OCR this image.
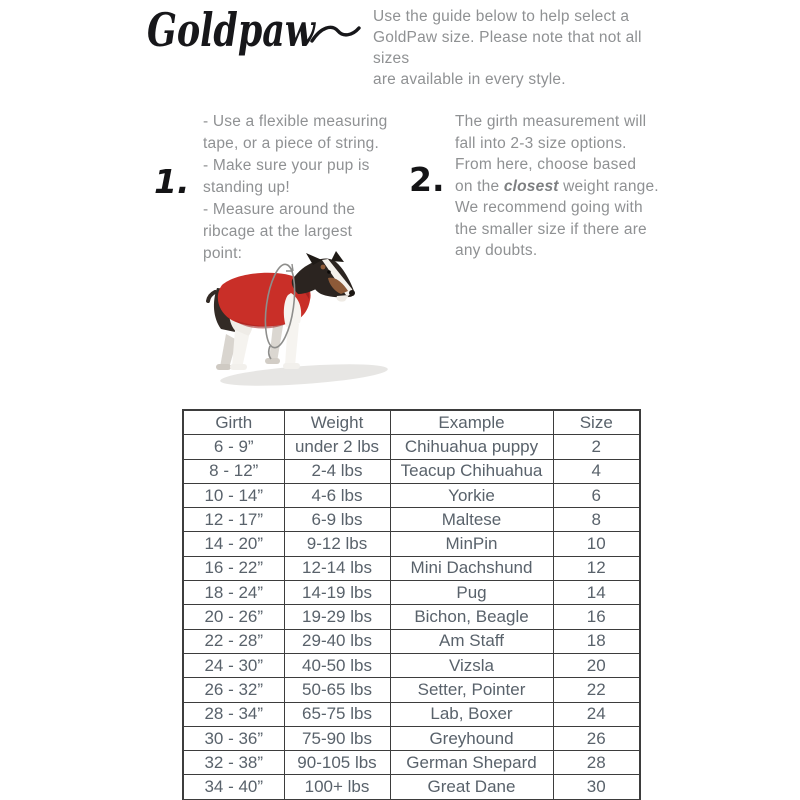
Goldpaw	Use the guide below to help select a
GoldPaw size. Please note that not all sizes
are available in every style.
1.
- Use a flexible measuring
tape, or a piece of string.
- Make sure your pup is
standing up!
- Measure around the
ribcage at the largest
point:
2.
The girth measurement will
fall into 2-3 size options.
From here, choose based
on the closest weight range.
We recommend going with
the smaller size if there are
any doubts.
Girth	Weight	Example	Size
6 - 9”	under 2 lbs	Chihuahua puppy	2
8 - 12”	2-4 lbs	Teacup Chihuahua	4
10 - 14”	4-6 lbs	Yorkie	6
12 - 17”	6-9 lbs	Maltese	8
14 - 20”	9-12 lbs	MinPin	10
16 - 22”	12-14 lbs	Mini Dachshund	12
18 - 24”	14-19 lbs	Pug	14
20 - 26”	19-29 lbs	Bichon, Beagle	16
22 - 28”	29-40 lbs	Am Staff	18
24 - 30”	40-50 lbs	Vizsla	20
26 - 32”	50-65 lbs	Setter, Pointer	22
28 - 34”	65-75 lbs	Lab, Boxer	24
30 - 36”	75-90 lbs	Greyhound	26
32 - 38”	90-105 lbs	German Shepard	28
34 - 40”	100+ lbs	Great Dane	30
